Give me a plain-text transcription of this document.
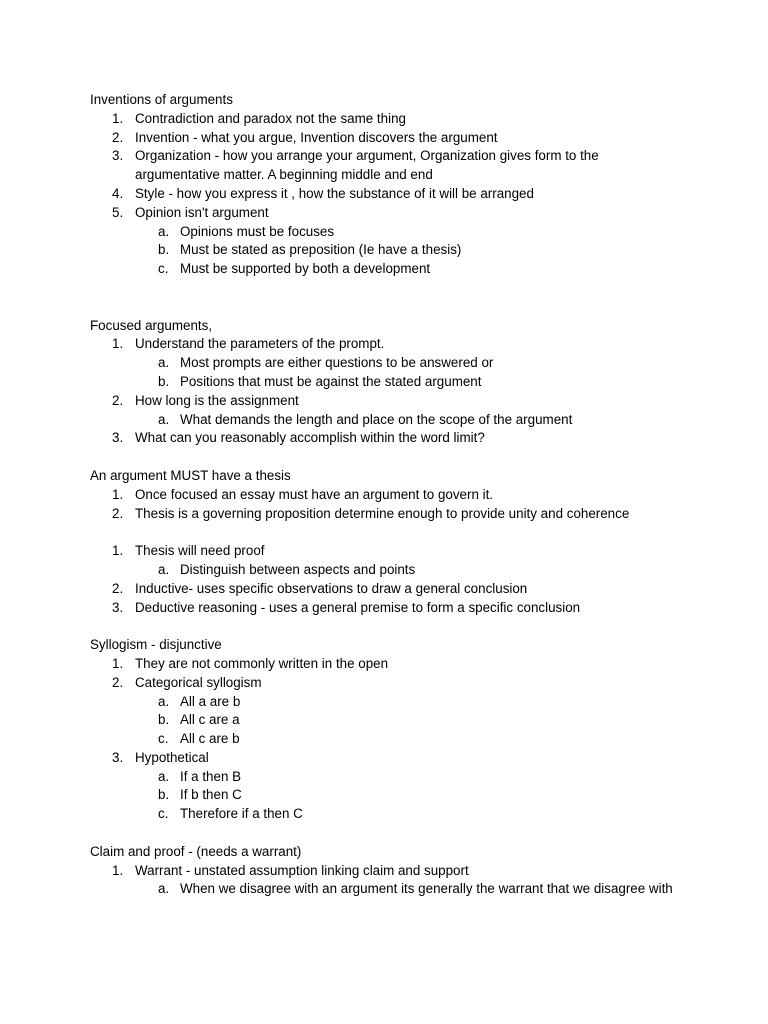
Inventions of arguments
1. Contradiction and paradox not the same thing
2. Invention - what you argue, Invention discovers the argument
3. Organization - how you arrange your argument, Organization gives form to the argumentative matter. A beginning middle and end
4. Style - how you express it , how the substance of it will be arranged
5. Opinion isn't argument
a. Opinions must be focuses
b. Must be stated as preposition (Ie have a thesis)
c. Must be supported by both a development
Focused arguments,
1. Understand the parameters of the prompt.
a. Most prompts are either questions to be answered or
b. Positions that must be against the stated argument
2. How long is the assignment
a. What demands the length and place on the scope of the argument
3. What can you reasonably accomplish within the word limit?
An argument MUST have a thesis
1. Once focused an essay must have an argument to govern it.
2. Thesis is a governing proposition determine enough to provide unity and coherence
1. Thesis will need proof
a. Distinguish between aspects and points
2. Inductive- uses specific observations to draw a general conclusion
3. Deductive reasoning - uses a general premise to form a specific conclusion
Syllogism - disjunctive
1. They are not commonly written in the open
2. Categorical syllogism
a. All a are b
b. All c are a
c. All c are b
3. Hypothetical
a. If a then B
b. If b then C
c. Therefore if a then C
Claim and proof - (needs a warrant)
1. Warrant - unstated assumption linking claim and support
a. When we disagree with an argument its generally the warrant that we disagree with
